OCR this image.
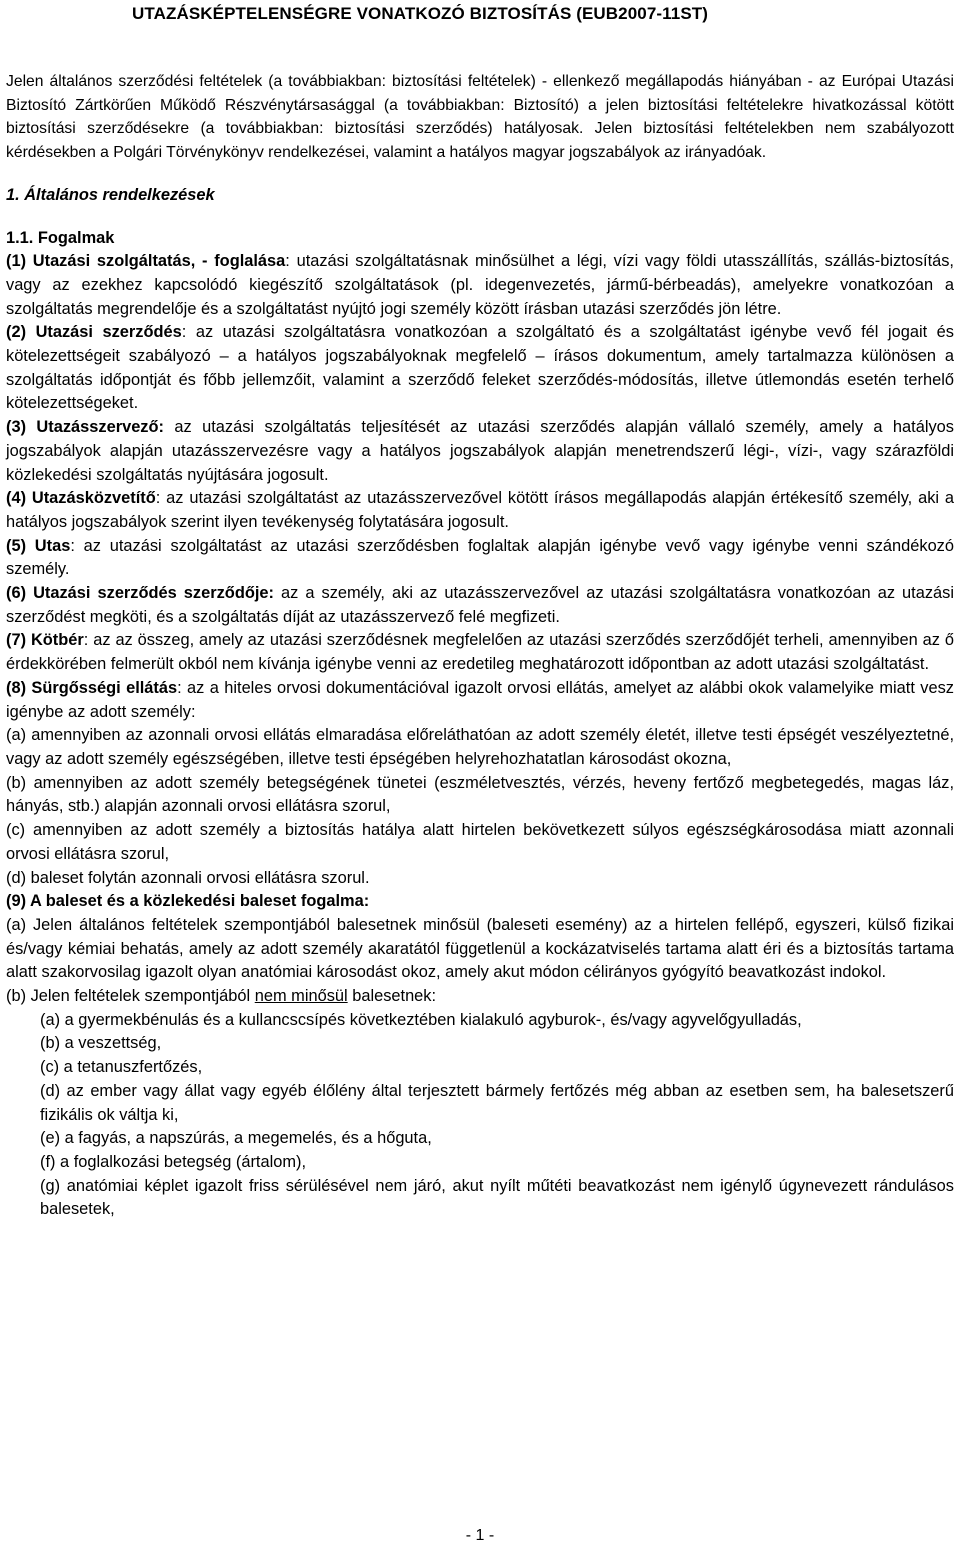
UTAZÁSKÉPTELENSÉGRE VONATKOZÓ BIZTOSÍTÁS (EUB2007-11ST)

Jelen általános szerződési feltételek (a továbbiakban: biztosítási feltételek) - ellenkező megállapodás hiányában - az Európai Utazási Biztosító Zártkörűen Működő Részvénytársasággal (a továbbiakban: Biztosító) a jelen biztosítási feltételekre hivatkozással kötött biztosítási szerződésekre (a továbbiakban: biztosítási szerződés) hatályosak. Jelen biztosítási feltételekben nem szabályozott kérdésekben a Polgári Törvénykönyv rendelkezései, valamint a hatályos magyar jogszabályok az irányadóak.

1. Általános rendelkezések

1.1. Fogalmak

(1) Utazási szolgáltatás, - foglalása: utazási szolgáltatásnak minősülhet a légi, vízi vagy földi utasszállítás, szállás-biztosítás, vagy az ezekhez kapcsolódó kiegészítő szolgáltatások (pl. idegenvezetés, jármű-bérbeadás), amelyekre vonatkozóan a szolgáltatás megrendelője és a szolgáltatást nyújtó jogi személy között írásban utazási szerződés jön létre.

(2) Utazási szerződés: az utazási szolgáltatásra vonatkozóan a szolgáltató és a szolgáltatást igénybe vevő fél jogait és kötelezettségeit szabályozó – a hatályos jogszabályoknak megfelelő – írásos dokumentum, amely tartalmazza különösen a szolgáltatás időpontját és főbb jellemzőit, valamint a szerződő feleket szerződés-módosítás, illetve útlemondás esetén terhelő kötelezettségeket.

(3) Utazásszervező: az utazási szolgáltatás teljesítését az utazási szerződés alapján vállaló személy, amely a hatályos jogszabályok alapján utazásszervezésre vagy a hatályos jogszabályok alapján menetrendszerű légi-, vízi-, vagy szárazföldi közlekedési szolgáltatás nyújtására jogosult.

(4) Utazásközvetítő: az utazási szolgáltatást az utazásszervezővel kötött írásos megállapodás alapján értékesítő személy, aki a hatályos jogszabályok szerint ilyen tevékenység folytatására jogosult.

(5) Utas: az utazási szolgáltatást az utazási szerződésben foglaltak alapján igénybe vevő vagy igénybe venni szándékozó személy.

(6) Utazási szerződés szerződője: az a személy, aki az utazásszervezővel az utazási szolgáltatásra vonatkozóan az utazási szerződést megköti, és a szolgáltatás díját az utazásszervező felé megfizeti.

(7) Kötbér: az az összeg, amely az utazási szerződésnek megfelelően az utazási szerződés szerződőjét terheli, amennyiben az ő érdekkörében felmerült okból nem kívánja igénybe venni az eredetileg meghatározott időpontban az adott utazási szolgáltatást.

(8) Sürgősségi ellátás: az a hiteles orvosi dokumentációval igazolt orvosi ellátás, amelyet az alábbi okok valamelyike miatt vesz igénybe az adott személy:

(a) amennyiben az azonnali orvosi ellátás elmaradása előreláthatóan az adott személy életét, illetve testi épségét veszélyeztetné, vagy az adott személy egészségében, illetve testi épségében helyrehozhatatlan károsodást okozna,

(b) amennyiben az adott személy betegségének tünetei (eszméletvesztés, vérzés, heveny fertőző megbetegedés, magas láz, hányás, stb.) alapján azonnali orvosi ellátásra szorul,

(c) amennyiben az adott személy a biztosítás hatálya alatt hirtelen bekövetkezett súlyos egészségkárosodása miatt azonnali orvosi ellátásra szorul,

(d) baleset folytán azonnali orvosi ellátásra szorul.

(9) A baleset és a közlekedési baleset fogalma:

(a) Jelen általános feltételek szempontjából balesetnek minősül (baleseti esemény) az a hirtelen fellépő, egyszeri, külső fizikai és/vagy kémiai behatás, amely az adott személy akaratától függetlenül a kockázatviselés tartama alatt éri és a biztosítás tartama alatt szakorvosilag igazolt olyan anatómiai károsodást okoz, amely akut módon célirányos gyógyító beavatkozást indokol.

(b) Jelen feltételek szempontjából nem minősül balesetnek:

(a) a gyermekbénulás és a kullancscsípés következtében kialakuló agyburok-, és/vagy agyvelőgyulladás,

(b) a veszettség,

(c) a tetanuszfertőzés,

(d) az ember vagy állat vagy egyéb élőlény által terjesztett bármely fertőzés még abban az esetben sem, ha balesetszerű fizikális ok váltja ki,

(e) a fagyás, a napszúrás, a megemelés, és a hőguta,

(f) a foglalkozási betegség (ártalom),

(g) anatómiai képlet igazolt friss sérülésével nem járó, akut nyílt műtéti beavatkozást nem igénylő úgynevezett rándulásos balesetek,

- 1 -
